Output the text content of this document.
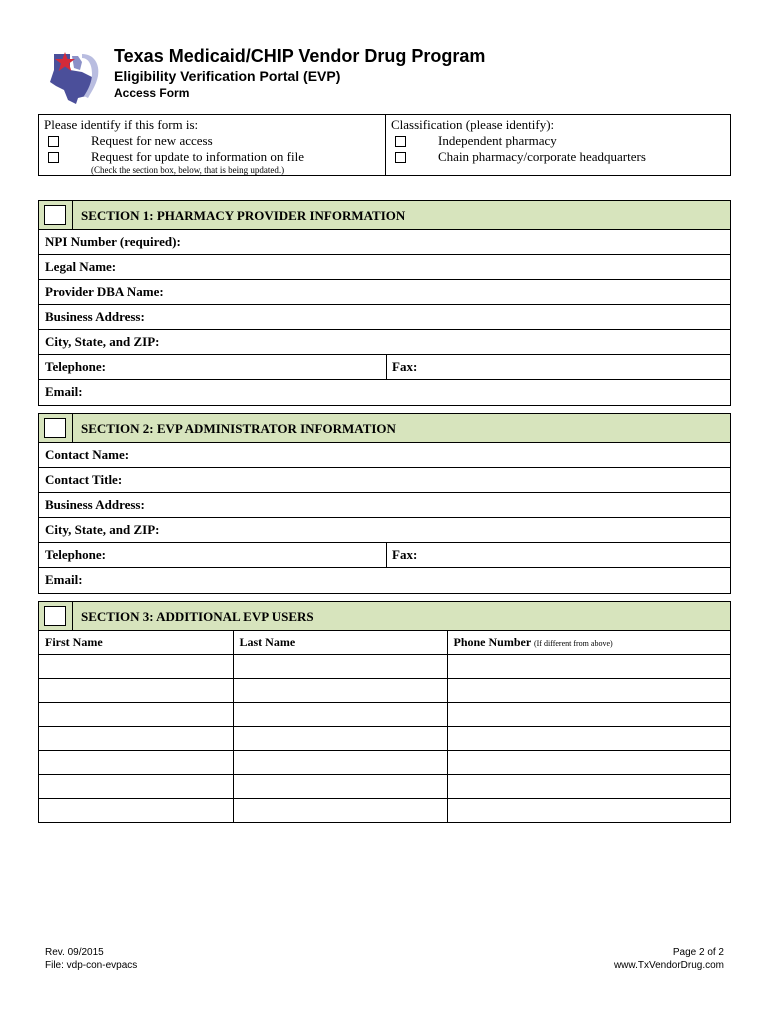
Texas Medicaid/CHIP Vendor Drug Program
Eligibility Verification Portal (EVP)
Access Form
Please identify if this form is:
Request for new access
Request for update to information on file
(Check the section box, below, that is being updated.)
Classification (please identify):
Independent pharmacy
Chain pharmacy/corporate headquarters
SECTION 1: PHARMACY PROVIDER INFORMATION
NPI Number (required):
Legal Name:
Provider DBA Name:
Business Address:
City, State, and ZIP:
Telephone:	Fax:
Email:
SECTION 2: EVP ADMINISTRATOR INFORMATION
Contact Name:
Contact Title:
Business Address:
City, State, and ZIP:
Telephone:	Fax:
Email:
SECTION 3: ADDITIONAL EVP USERS
First Name	Last Name	Phone Number (If different from above)

Rev. 09/2015
File: vdp-con-evpacs
Page 2 of 2
www.TxVendorDrug.com
